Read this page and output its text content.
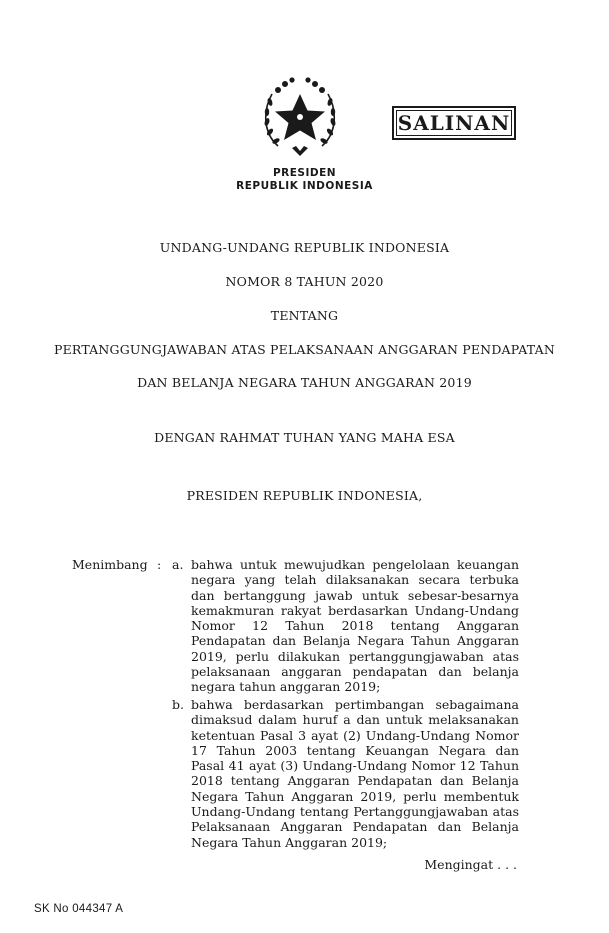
SALINAN
PRESIDEN
REPUBLIK INDONESIA
UNDANG-UNDANG REPUBLIK INDONESIA
NOMOR 8 TAHUN 2020
TENTANG
PERTANGGUNGJAWABAN ATAS PELAKSANAAN ANGGARAN PENDAPATAN
DAN BELANJA NEGARA TAHUN ANGGARAN 2019
DENGAN RAHMAT TUHAN YANG MAHA ESA
PRESIDEN REPUBLIK INDONESIA,
Menimbang : a. bahwa untuk mewujudkan pengelolaan keuangan negara yang telah dilaksanakan secara terbuka dan bertanggung jawab untuk sebesar-besarnya kemakmuran rakyat berdasarkan Undang-Undang Nomor 12 Tahun 2018 tentang Anggaran Pendapatan dan Belanja Negara Tahun Anggaran 2019, perlu dilakukan pertanggungjawaban atas pelaksanaan anggaran pendapatan dan belanja negara tahun anggaran 2019;

b. bahwa berdasarkan pertimbangan sebagaimana dimaksud dalam huruf a dan untuk melaksanakan ketentuan Pasal 3 ayat (2) Undang-Undang Nomor 17 Tahun 2003 tentang Keuangan Negara dan Pasal 41 ayat (3) Undang-Undang Nomor 12 Tahun 2018 tentang Anggaran Pendapatan dan Belanja Negara Tahun Anggaran 2019, perlu membentuk Undang-Undang tentang Pertanggungjawaban atas Pelaksanaan Anggaran Pendapatan dan Belanja Negara Tahun Anggaran 2019;

Mengingat . . .
SK No 044347 A
